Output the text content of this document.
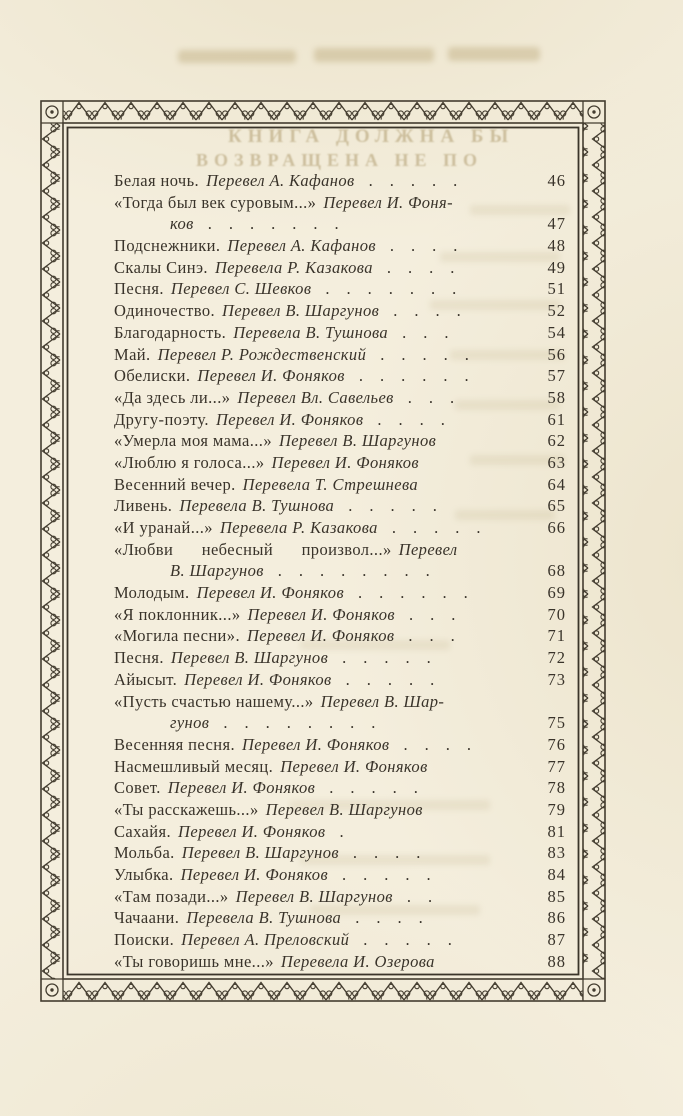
КНИГА ДОЛЖНА БЫ
ВОЗВРАЩЕНА НЕ ПО
Белая ночь. Перевел А. Кафанов .....	46
«Тогда был век суровым...» Перевел И. Фоня-
ков .......	47
Подснежники. Перевел А. Кафанов ....	48
Скалы Синэ. Перевела Р. Казакова ....	49
Песня. Перевел С. Шевков .......	51
Одиночество. Перевел В. Шаргунов ....	52
Благодарность. Перевела В. Тушнова ...	54
Май. Перевел Р. Рождественский .....	56
Обелиски. Перевел И. Фоняков ......	57
«Да здесь ли...» Перевел Вл. Савельев ...	58
Другу-поэту. Перевел И. Фоняков ....	61
«Умерла моя мама...» Перевел В. Шаргунов	62
«Люблю я голоса...» Перевел И. Фоняков	63
Весенний вечер. Перевела Т. Стрешнева	64
Ливень. Перевела В. Тушнова .....	65
«И уранай...» Перевела Р. Казакова .....	66
«Любви небесный произвол...» Перевел
В. Шаргунов ........	68
Молодым. Перевел И. Фоняков ......	69
«Я поклонник...» Перевел И. Фоняков ...	70
«Могила песни». Перевел И. Фоняков ...	71
Песня. Перевел В. Шаргунов .....	72
Айысыт. Перевел И. Фоняков .....	73
«Пусть счастью нашему...» Перевел В. Шар-
гунов ........	75
Весенняя песня. Перевел И. Фоняков ....	76
Насмешливый месяц. Перевел И. Фоняков	77
Совет. Перевел И. Фоняков .....	78
«Ты расскажешь...» Перевел В. Шаргунов	79
Сахайя. Перевел И. Фоняков .	81
Мольба. Перевел В. Шаргунов ....	83
Улыбка. Перевел И. Фоняков .....	84
«Там позади...» Перевел В. Шаргунов ..	85
Чачаани. Перевела В. Тушнова ....	86
Поиски. Перевел А. Преловский .....	87
«Ты говоришь мне...» Перевела И. Озерова	88
